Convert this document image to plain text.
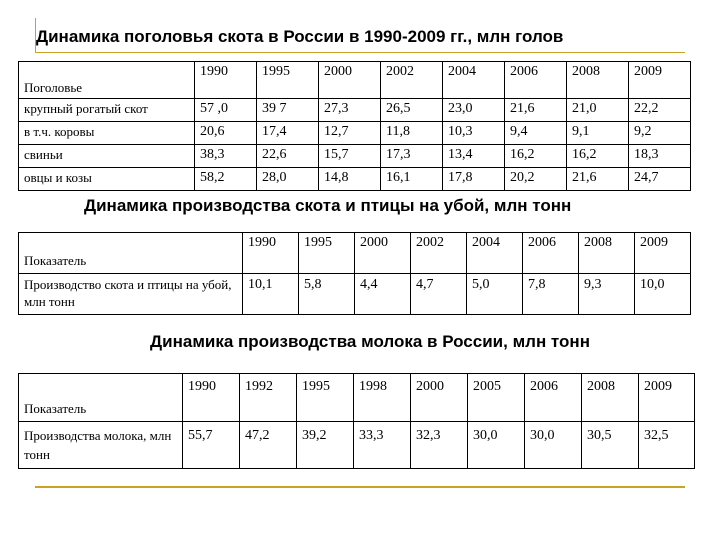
Динамика поголовья скота в России в 1990-2009 гг., млн голов
Поголовье	1990	1995	2000	2002	2004	2006	2008	2009
крупный рогатый скот	57 ,0	39 7	27,3	26,5	23,0	21,6	21,0	22,2
в т.ч. коровы	20,6	17,4	12,7	11,8	10,3	9,4	9,1	9,2
свиньи	38,3	22,6	15,7	17,3	13,4	16,2	16,2	18,3
овцы и козы	58,2	28,0	14,8	16,1	17,8	20,2	21,6	24,7
Динамика производства скота и птицы на убой, млн тонн
Показатель	1990	1995	2000	2002	2004	2006	2008	2009
Производство скота и птицы на убой, млн тонн	10,1	5,8	4,4	4,7	5,0	7,8	9,3	10,0
Динамика производства молока в России, млн тонн
Показатель	1990	1992	1995	1998	2000	2005	2006	2008	2009
Производства молока, млн тонн	55,7	47,2	39,2	33,3	32,3	30,0	30,0	30,5	32,5
